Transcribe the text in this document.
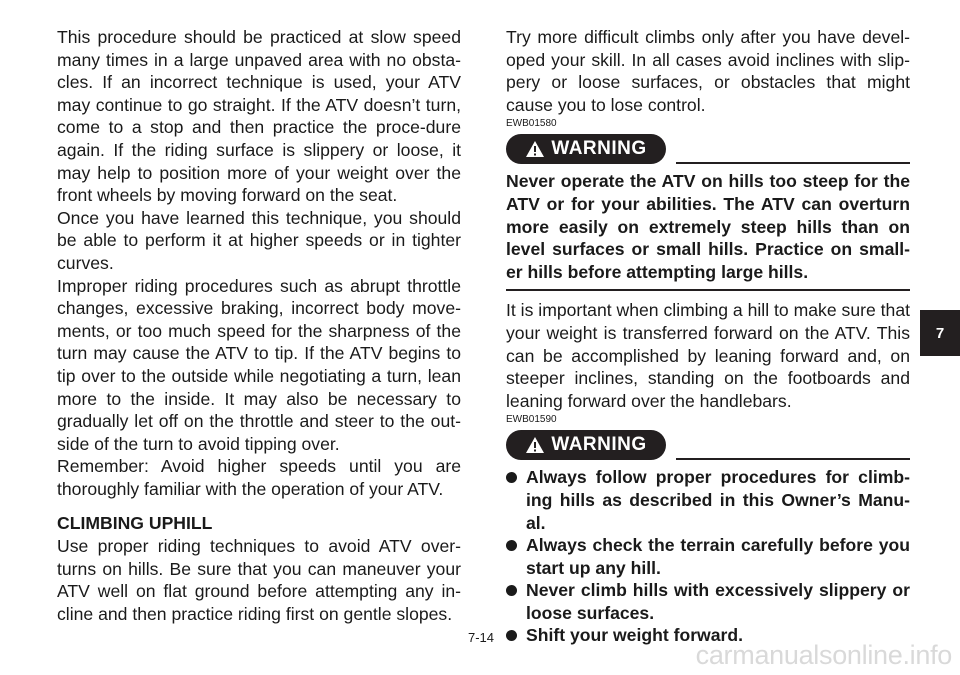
This procedure should be practiced at slow speed many times in a large unpaved area with no obsta-cles. If an incorrect technique is used, your ATV may continue to go straight. If the ATV doesn’t turn, come to a stop and then practice the proce-dure again. If the riding surface is slippery or loose, it may help to position more of your weight over the front wheels by moving forward on the seat.

Once you have learned this technique, you should be able to perform it at higher speeds or in tighter curves.

Improper riding procedures such as abrupt throttle changes, excessive braking, incorrect body move-ments, or too much speed for the sharpness of the turn may cause the ATV to tip. If the ATV begins to tip over to the outside while negotiating a turn, lean more to the inside. It may also be necessary to gradually let off on the throttle and steer to the out-side of the turn to avoid tipping over.

Remember: Avoid higher speeds until you are thoroughly familiar with the operation of your ATV.

CLIMBING UPHILL

Use proper riding techniques to avoid ATV over-turns on hills. Be sure that you can maneuver your ATV well on flat ground before attempting any in-cline and then practice riding first on gentle slopes.

Try more difficult climbs only after you have devel-oped your skill. In all cases avoid inclines with slip-pery or loose surfaces, or obstacles that might cause you to lose control.

EWB01580
WARNING

Never operate the ATV on hills too steep for the ATV or for your abilities. The ATV can overturn more easily on extremely steep hills than on level surfaces or small hills. Practice on small-er hills before attempting large hills.

It is important when climbing a hill to make sure that your weight is transferred forward on the ATV. This can be accomplished by leaning forward and, on steeper inclines, standing on the footboards and leaning forward over the handlebars.

EWB01590
WARNING
Always follow proper procedures for climb-ing hills as described in this Owner’s Manu-al.
Always check the terrain carefully before you start up any hill.
Never climb hills with excessively slippery or loose surfaces.
Shift your weight forward.
7
7-14
carmanualsonline.info
